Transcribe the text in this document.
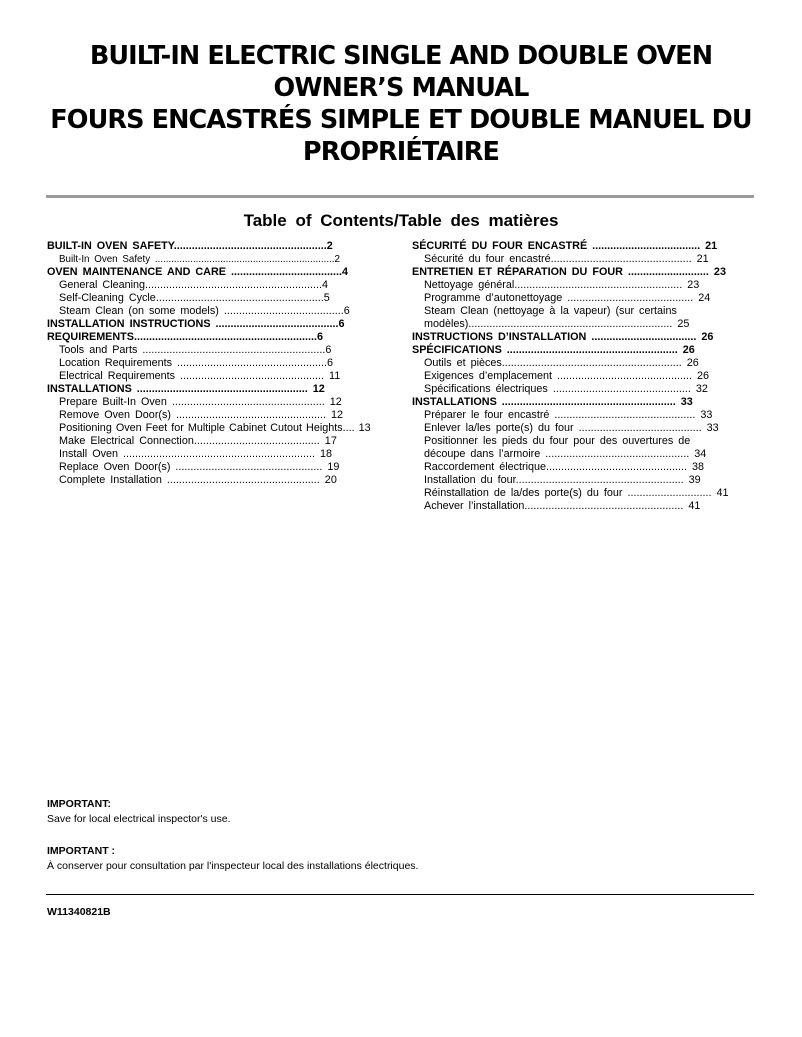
BUILT-IN ELECTRIC SINGLE AND DOUBLE OVEN
OWNER’S MANUAL
FOURS ENCASTRÉS SIMPLE ET DOUBLE MANUEL DU
PROPRIÉTAIRE
Table of Contents/Table des matières
BUILT-IN OVEN SAFETY...................................................2
Built-In Oven Safety ..................................................................2
OVEN MAINTENANCE AND CARE .....................................4
General Cleaning...........................................................4
Self-Cleaning Cycle........................................................5
Steam Clean (on some models) ........................................6
INSTALLATION INSTRUCTIONS .........................................6
REQUIREMENTS.............................................................6
Tools and Parts .............................................................6
Location Requirements ..................................................6
Electrical Requirements ................................................ 11
INSTALLATIONS ......................................................... 12
Prepare Built-In Oven ................................................... 12
Remove Oven Door(s) .................................................. 12
Positioning Oven Feet for Multiple Cabinet Cutout Heights.... 13
Make Electrical Connection.......................................... 17
Install Oven ................................................................ 18
Replace Oven Door(s) ................................................. 19
Complete Installation ................................................... 20
SÉCURITÉ DU FOUR ENCASTRÉ .................................... 21
Sécurité du four encastré............................................... 21
ENTRETIEN ET RÉPARATION DU FOUR ........................... 23
Nettoyage général........................................................ 23
Programme d’autonettoyage .......................................... 24
Steam Clean (nettoyage à la vapeur) (sur certains
modèles).................................................................... 25
INSTRUCTIONS D’INSTALLATION ................................... 26
SPÉCIFICATIONS ......................................................... 26
Outils et pièces............................................................ 26
Exigences d’emplacement ............................................. 26
Spécifications électriques .............................................. 32
INSTALLATIONS .......................................................... 33
Préparer le four encastré ............................................... 33
Enlever la/les porte(s) du four ......................................... 33
Positionner les pieds du four pour des ouvertures de
découpe dans l’armoire ................................................ 34
Raccordement électrique............................................... 38
Installation du four........................................................ 39
Réinstallation de la/des porte(s) du four ............................ 41
Achever l’installation..................................................... 41
IMPORTANT:
Save for local electrical inspector's use.
IMPORTANT :
À conserver pour consultation par l'inspecteur local des installations électriques.
W11340821B
